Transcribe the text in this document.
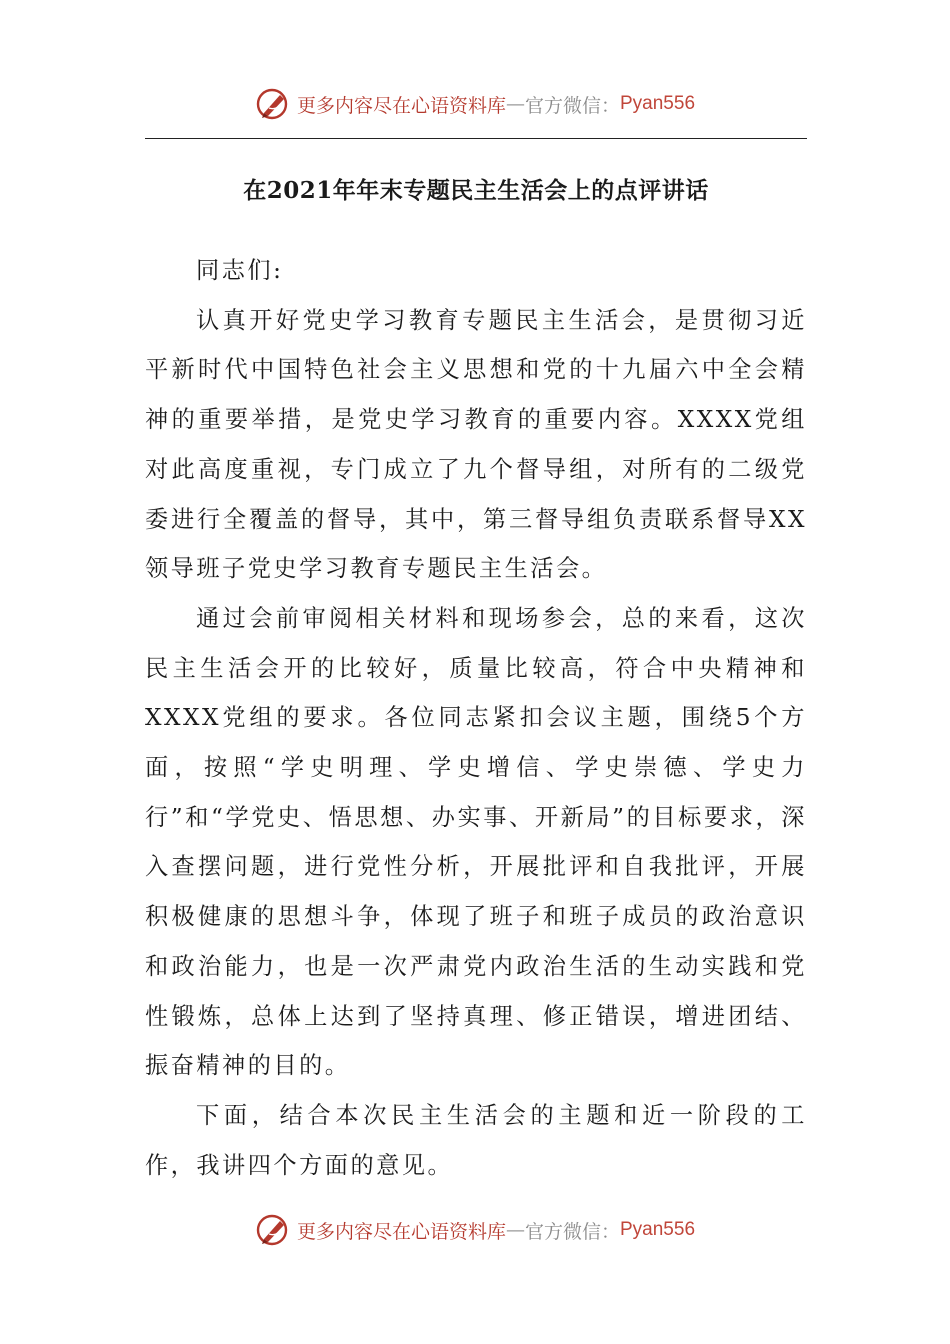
更多内容尽在心语资料库 — 官方微信： Pyan556
在2021年年末专题民主生活会上的点评讲话

同志们:

认真开好党史学习教育专题民主生活会，是贯彻习近平新时代中国特色社会主义思想和党的十九届六中全会精神的重要举措，是党史学习教育的重要内容。XXXX党组对此高度重视，专门成立了九个督导组，对所有的二级党委进行全覆盖的督导，其中，第三督导组负责联系督导XX领导班子党史学习教育专题民主生活会。

通过会前审阅相关材料和现场参会，总的来看，这次民主生活会开的比较好，质量比较高，符合中央精神和XXXX党组的要求。各位同志紧扣会议主题，围绕5个方面，按照“学史明理、学史增信、学史崇德、学史力行”和“学党史、悟思想、办实事、开新局”的目标要求，深入查摆问题，进行党性分析，开展批评和自我批评，开展积极健康的思想斗争，体现了班子和班子成员的政治意识和政治能力，也是一次严肃党内政治生活的生动实践和党性锻炼，总体上达到了坚持真理、修正错误，增进团结、振奋精神的目的。

下面，结合本次民主生活会的主题和近一阶段的工作，我讲四个方面的意见。

更多内容尽在心语资料库 — 官方微信： Pyan556
